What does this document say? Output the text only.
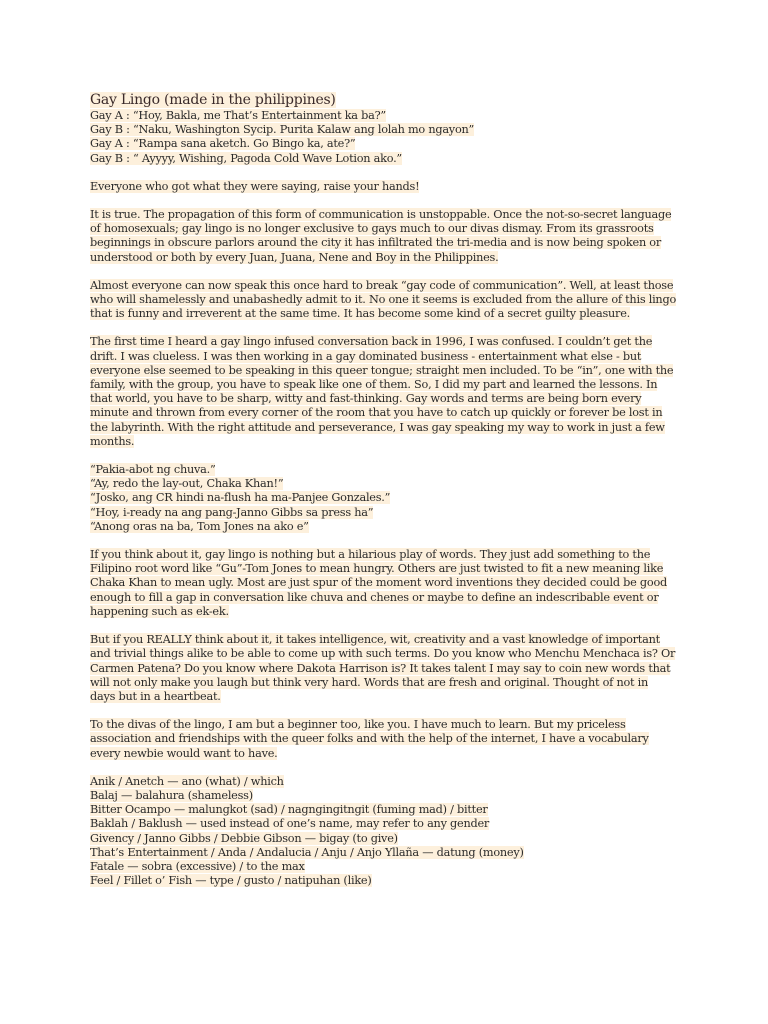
Gay Lingo (made in the philippines)
Gay A : “Hoy, Bakla, me That’s Entertainment ka ba?”
Gay B : “Naku, Washington Sycip. Purita Kalaw ang lolah mo ngayon”
Gay A : “Rampa sana aketch. Go Bingo ka, ate?”
Gay B : “ Ayyyy, Wishing, Pagoda Cold Wave Lotion ako.”
Everyone who got what they were saying, raise your hands!
It is true. The propagation of this form of communication is unstoppable. Once the not-so-secret language
of homosexuals; gay lingo is no longer exclusive to gays much to our divas dismay. From its grassroots
beginnings in obscure parlors around the city it has infiltrated the tri-media and is now being spoken or
understood or both by every Juan, Juana, Nene and Boy in the Philippines.
Almost everyone can now speak this once hard to break “gay code of communication”. Well, at least those
who will shamelessly and unabashedly admit to it. No one it seems is excluded from the allure of this lingo
that is funny and irreverent at the same time. It has become some kind of a secret guilty pleasure.
The first time I heard a gay lingo infused conversation back in 1996, I was confused. I couldn’t get the
drift. I was clueless. I was then working in a gay dominated business - entertainment what else - but
everyone else seemed to be speaking in this queer tongue; straight men included. To be “in”, one with the
family, with the group, you have to speak like one of them. So, I did my part and learned the lessons. In
that world, you have to be sharp, witty and fast-thinking. Gay words and terms are being born every
minute and thrown from every corner of the room that you have to catch up quickly or forever be lost in
the labyrinth. With the right attitude and perseverance, I was gay speaking my way to work in just a few
months.
“Pakia-abot ng chuva.”
“Ay, redo the lay-out, Chaka Khan!”
“Josko, ang CR hindi na-flush ha ma-Panjee Gonzales.”
“Hoy, i-ready na ang pang-Janno Gibbs sa press ha”
“Anong oras na ba, Tom Jones na ako e”
If you think about it, gay lingo is nothing but a hilarious play of words. They just add something to the
Filipino root word like “Gu”-Tom Jones to mean hungry. Others are just twisted to fit a new meaning like
Chaka Khan to mean ugly. Most are just spur of the moment word inventions they decided could be good
enough to fill a gap in conversation like chuva and chenes or maybe to define an indescribable event or
happening such as ek-ek.
But if you REALLY think about it, it takes intelligence, wit, creativity and a vast knowledge of important
and trivial things alike to be able to come up with such terms. Do you know who Menchu Menchaca is? Or
Carmen Patena? Do you know where Dakota Harrison is? It takes talent I may say to coin new words that
will not only make you laugh but think very hard. Words that are fresh and original. Thought of not in
days but in a heartbeat.
To the divas of the lingo, I am but a beginner too, like you. I have much to learn. But my priceless
association and friendships with the queer folks and with the help of the internet, I have a vocabulary
every newbie would want to have.
Anik / Anetch — ano (what) / which
Balaj — balahura (shameless)
Bitter Ocampo — malungkot (sad) / nagngingitngit (fuming mad) / bitter
Baklah / Baklush — used instead of one’s name, may refer to any gender
Givency / Janno Gibbs / Debbie Gibson — bigay (to give)
That’s Entertainment / Anda / Andalucia / Anju / Anjo Yllaña — datung (money)
Fatale — sobra (excessive) / to the max
Feel / Fillet o’ Fish — type / gusto / natipuhan (like)
